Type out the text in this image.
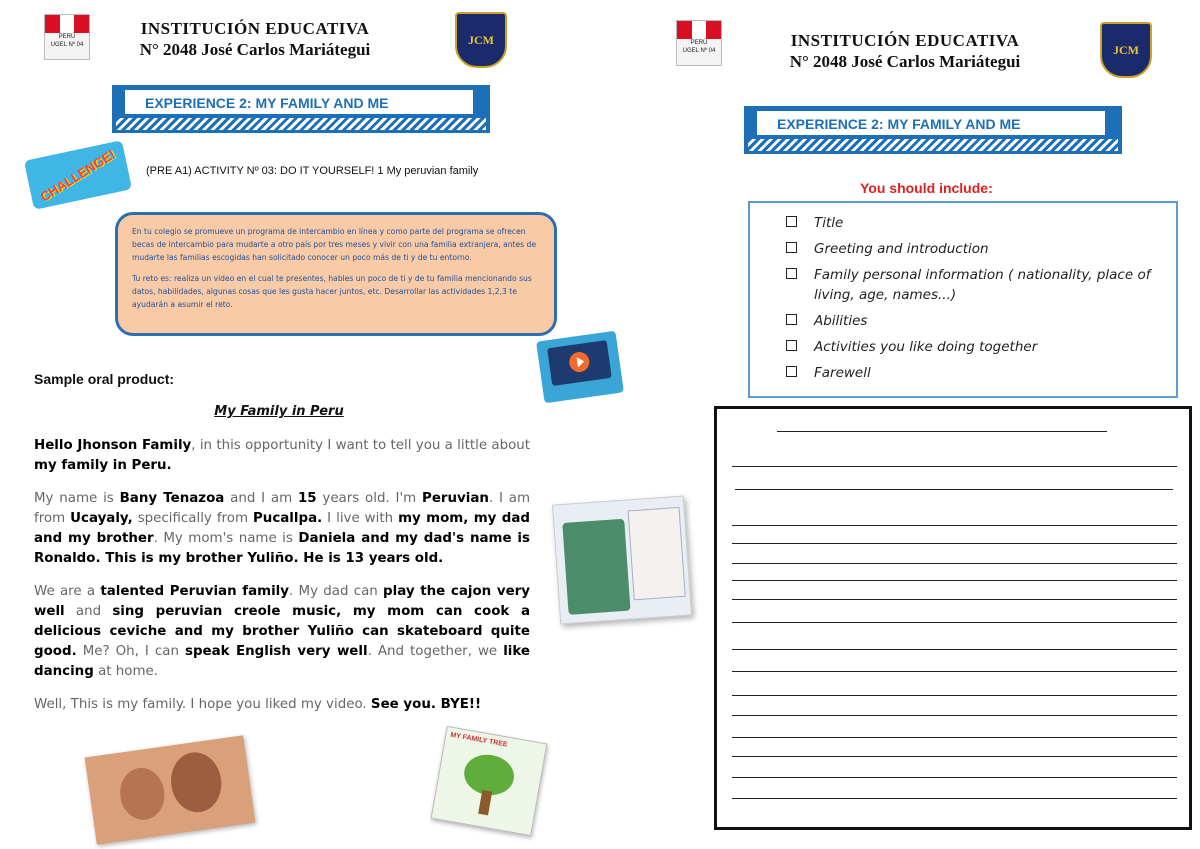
PERÚ
UGEL Nº 04
INSTITUCIÓN EDUCATIVA
N° 2048 José Carlos Mariátegui
JCM
EXPERIENCE 2: MY FAMILY AND ME
CHALLENGE!	(PRE A1) ACTIVITY Nº 03: DO IT YOURSELF! 1 My peruvian family

En tu colegio se promueve un programa de intercambio en línea y como parte del programa se ofrecen becas de intercambio para mudarte a otro país por tres meses y vivir con una familia extranjera, antes de mudarte las familias escogidas han solicitado conocer un poco más de ti y de tu entorno.

Tu reto es: realiza un video en el cual te presentes, hables un poco de ti y de tu familia mencionando sus datos, habilidades, algunas cosas que les gusta hacer juntos, etc. Desarrollar las actividades 1,2,3 te ayudarán a asumir el reto.

Sample oral product:
My Family in Peru

Hello Jhonson Family, in this opportunity I want to tell you a little about my family in Peru.

My name is Bany Tenazoa and I am 15 years old. I'm Peruvian. I am from Ucayaly, specifically from Pucallpa. I live with my mom, my dad and my brother. My mom's name is Daniela and my dad's name is Ronaldo. This is my brother Yuliño. He is 13 years old.

We are a talented Peruvian family. My dad can play the cajon very well and sing peruvian creole music, my mom can cook a delicious ceviche and my brother Yuliño can skateboard quite good. Me? Oh, I can speak English very well. And together, we like dancing at home.

Well, This is my family. I hope you liked my video. See you. BYE!!

MY FAMILY TREE
PERÚ
UGEL Nº 04
INSTITUCIÓN EDUCATIVA
N° 2048 José Carlos Mariátegui
JCM
EXPERIENCE 2: MY FAMILY AND ME
You should include:
Title
Greeting and introduction
Family personal information ( nationality, place of living, age, names...)
Abilities
Activities you like doing together
Farewell
